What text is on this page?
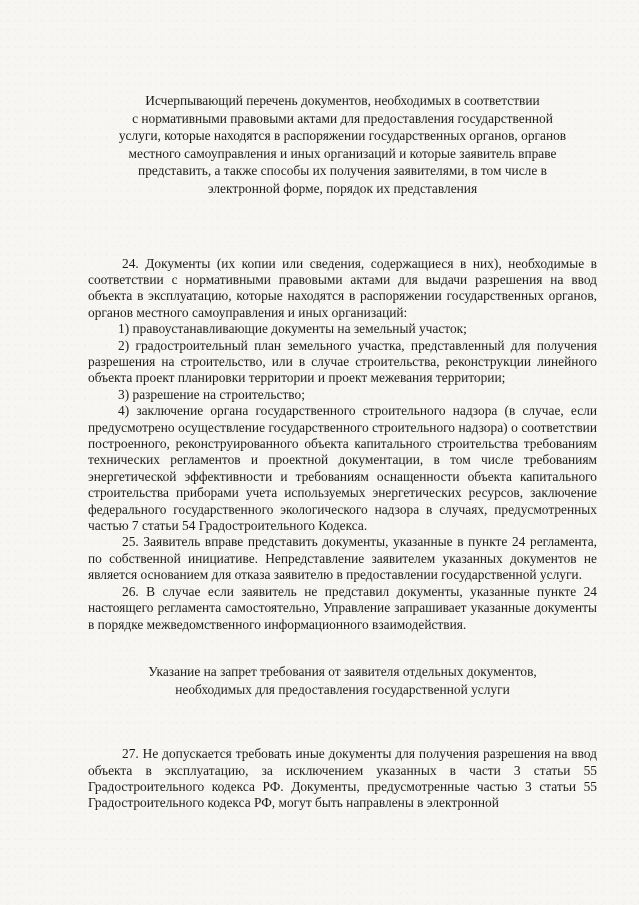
Исчерпывающий перечень документов, необходимых в соответствии
с нормативными правовыми актами для предоставления государственной
услуги, которые находятся в распоряжении государственных органов, органов
местного самоуправления и иных организаций и которые заявитель вправе
представить, а также способы их получения заявителями, в том числе в
электронной форме, порядок их представления

24. Документы (их копии или сведения, содержащиеся в них), необходимые в соответствии с нормативными правовыми актами для выдачи разрешения на ввод объекта в эксплуатацию, которые находятся в распоряжении государственных органов, органов местного самоуправления и иных организаций:

1) правоустанавливающие документы на земельный участок;

2) градостроительный план земельного участка, представленный для получения разрешения на строительство, или в случае строительства, реконструкции линейного объекта проект планировки территории и проект межевания территории;

3) разрешение на строительство;

4) заключение органа государственного строительного надзора (в случае, если предусмотрено осуществление государственного строительного надзора) о соответствии построенного, реконструированного объекта капитального строительства требованиям технических регламентов и проектной документации, в том числе требованиям энергетической эффективности и требованиям оснащенности объекта капитального строительства приборами учета используемых энергетических ресурсов, заключение федерального государственного экологического надзора в случаях, предусмотренных частью 7 статьи 54 Градостроительного Кодекса.

25. Заявитель вправе представить документы, указанные в пункте 24 регламента, по собственной инициативе. Непредставление заявителем указанных документов не является основанием для отказа заявителю в предоставлении государственной услуги.

26. В случае если заявитель не представил документы, указанные пункте 24 настоящего регламента самостоятельно, Управление запрашивает указанные документы в порядке межведомственного информационного взаимодействия.

Указание на запрет требования от заявителя отдельных документов,
необходимых для предоставления государственной услуги

27. Не допускается требовать иные документы для получения разрешения на ввод объекта в эксплуатацию, за исключением указанных в части 3 статьи 55 Градостроительного кодекса РФ. Документы, предусмотренные частью 3 статьи 55 Градостроительного кодекса РФ, могут быть направлены в электронной
